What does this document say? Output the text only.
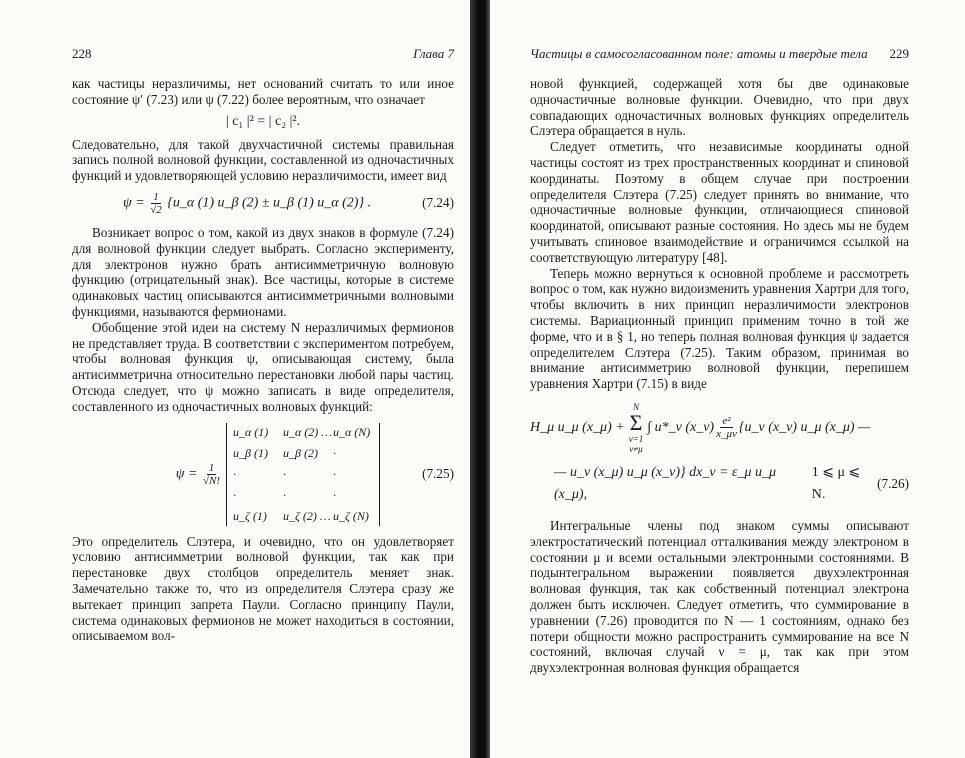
228	Глава 7

как частицы неразличимы, нет оснований считать то или иное состояние ψ′ (7.23) или ψ (7.22) более вероятным, что означает

| c₁ |² = | c₂ |².

Следовательно, для такой двухчастичной системы правильная запись полной волновой функции, составленной из одночастичных функций и удовлетворяющей условию неразличимости, имеет вид

$\psi = \frac{1}{√2}$ {u_α (1) u_β (2) ± u_β (1) u_α (2)} .	(7.24)

Возникает вопрос о том, какой из двух знаков в формуле (7.24) для волновой функции следует выбрать. Согласно эксперименту, для электронов нужно брать антисимметричную волновую функцию (отрицательный знак). Все частицы, которые в системе одинаковых частиц описываются антисимметричными волновыми функциями, называются фермионами.

Обобщение этой идеи на систему N неразличимых фермионов не представляет труда. В соответствии с экспериментом потребуем, чтобы волновая функция ψ, описывающая систему, была антисимметрична относительно перестановки любой пары частиц. Отсюда следует, что ψ можно записать в виде определителя, составленного из одночастичных волновых функций:

$\psi = \frac{1}{√N!}$
u_α (1)	u_α (2) … u_α (N)
u_β (1)	u_β (2)	·
·	·	·
·	·	·
u_ζ (1)	u_ζ (2) … u_ζ (N)
(7.25)

Это определитель Слэтера, и очевидно, что он удовлетворяет условию антисимметрии волновой функции, так как при перестановке двух столбцов определитель меняет знак. Замечательно также то, что из определителя Слэтера сразу же вытекает принцип запрета Паули. Согласно принципу Паули, система одинаковых фермионов не может находиться в состоянии, описываемом вол-

Частицы в самосогласованном поле: атомы и твердые тела 229

новой функцией, содержащей хотя бы две одинаковые одночастичные волновые функции. Очевидно, что при двух совпадающих одночастичных волновых функциях определитель Слэтера обращается в нуль.

Следует отметить, что независимые координаты одной частицы состоят из трех пространственных координат и спиновой координаты. Поэтому в общем случае при построении определителя Слэтера (7.25) следует принять во внимание, что одночастичные волновые функции, отличающиеся спиновой координатой, описывают разные состояния. Но здесь мы не будем учитывать спиновое взаимодействие и ограничимся ссылкой на соответствующую литературу [48].

Теперь можно вернуться к основной проблеме и рассмотреть вопрос о том, как нужно видоизменить уравнения Хартри для того, чтобы включить в них принцип неразличимости электронов системы. Вариационный принцип применим точно в той же форме, что и в § 1, но теперь полная волновая функция ψ задается определителем Слэтера (7.25). Таким образом, принимая во внимание антисимметрию волновой функции, перепишем уравнения Хартри (7.15) в виде

H_μ u_μ (x_μ) +
N
Σ
ν=1
ν≠μ
∫ u*_ν (x_ν) $\frac{\text{e²}}{x\_\mu\nu}$ {u_ν (x_ν) u_μ (x_μ) —
— u_ν (x_μ) u_μ (x_ν)} dx_ν = ε_μ u_μ (x_μ),
1 ⩽ μ ⩽ N.
(7.26)

Интегральные члены под знаком суммы описывают электростатический потенциал отталкивания между электроном в состоянии μ и всеми остальными электронными состояниями. В подынтегральном выражении появляется двухэлектронная волновая функция, так как собственный потенциал электрона должен быть исключен. Следует отметить, что суммирование в уравнении (7.26) проводится по N — 1 состояниям, однако без потери общности можно распространить суммирование на все N состояний, включая случай ν = μ, так как при этом двухэлектронная волновая функция обращается
